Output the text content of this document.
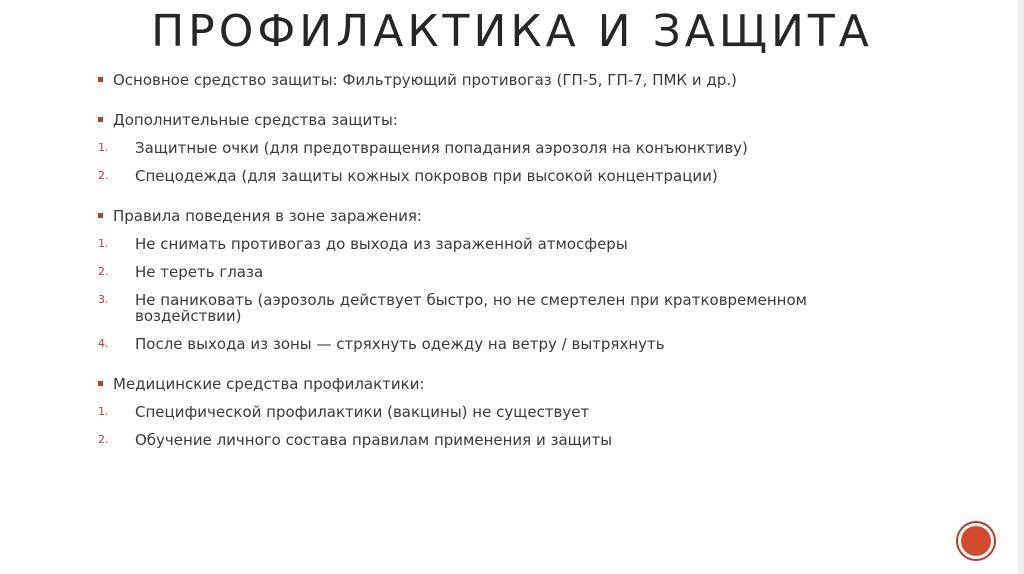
ПРОФИЛАКТИКА И ЗАЩИТА
Основное средство защиты: Фильтрующий противогаз (ГП-5, ГП-7, ПМК и др.)
Дополнительные средства защиты:
1. Защитные очки (для предотвращения попадания аэрозоля на конъюнктиву)
2. Спецодежда (для защиты кожных покровов при высокой концентрации)
Правила поведения в зоне заражения:
1. Не снимать противогаз до выхода из зараженной атмосферы
2. Не тереть глаза
3. Не паниковать (аэрозоль действует быстро, но не смертелен при кратковременном воздействии)
4. После выхода из зоны — стряхнуть одежду на ветру / вытряхнуть
Медицинские средства профилактики:
1. Специфической профилактики (вакцины) не существует
2. Обучение личного состава правилам применения и защиты
